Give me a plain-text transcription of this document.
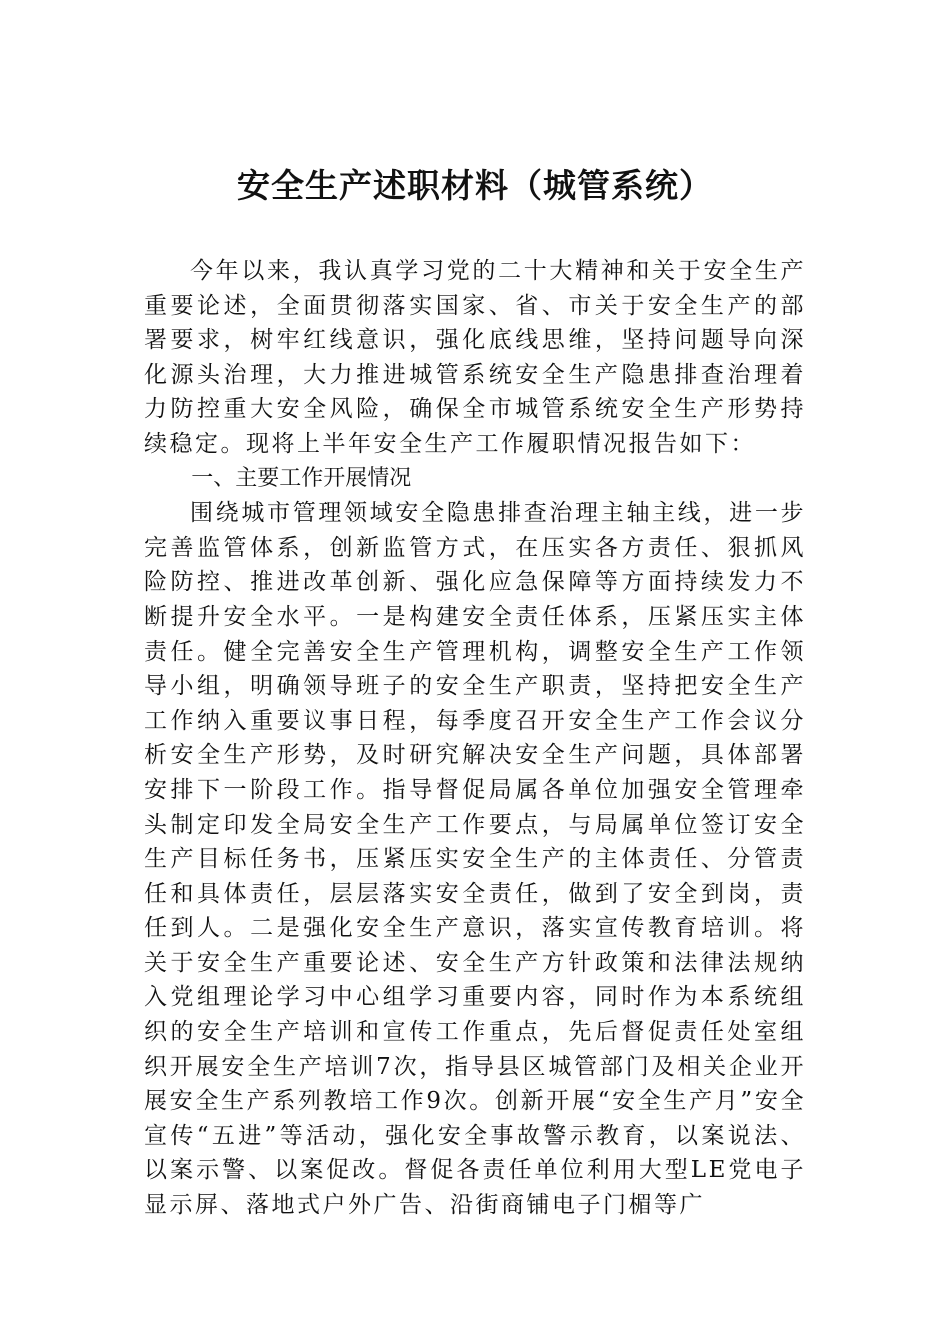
安全生产述职材料（城管系统）

今年以来，我认真学习党的二十大精神和关于安全生产重要论述，全面贯彻落实国家、省、市关于安全生产的部署要求，树牢红线意识，强化底线思维，坚持问题导向深化源头治理，大力推进城管系统安全生产隐患排查治理着力防控重大安全风险，确保全市城管系统安全生产形势持续稳定。现将上半年安全生产工作履职情况报告如下：

一、主要工作开展情况

围绕城市管理领域安全隐患排查治理主轴主线，进一步完善监管体系，创新监管方式，在压实各方责任、狠抓风险防控、推进改革创新、强化应急保障等方面持续发力不断提升安全水平。一是构建安全责任体系，压紧压实主体责任。健全完善安全生产管理机构，调整安全生产工作领导小组，明确领导班子的安全生产职责，坚持把安全生产工作纳入重要议事日程，每季度召开安全生产工作会议分析安全生产形势，及时研究解决安全生产问题，具体部署安排下一阶段工作。指导督促局属各单位加强安全管理牵头制定印发全局安全生产工作要点，与局属单位签订安全生产目标任务书，压紧压实安全生产的主体责任、分管责任和具体责任，层层落实安全责任，做到了安全到岗，责任到人。二是强化安全生产意识，落实宣传教育培训。将关于安全生产重要论述、安全生产方针政策和法律法规纳入党组理论学习中心组学习重要内容，同时作为本系统组织的安全生产培训和宣传工作重点，先后督促责任处室组织开展安全生产培训7次，指导县区城管部门及相关企业开展安全生产系列教培工作9次。创新开展“安全生产月”安全宣传“五进”等活动，强化安全事故警示教育，以案说法、以案示警、以案促改。督促各责任单位利用大型LE党电子显示屏、落地式户外广告、沿街商铺电子门楣等广
